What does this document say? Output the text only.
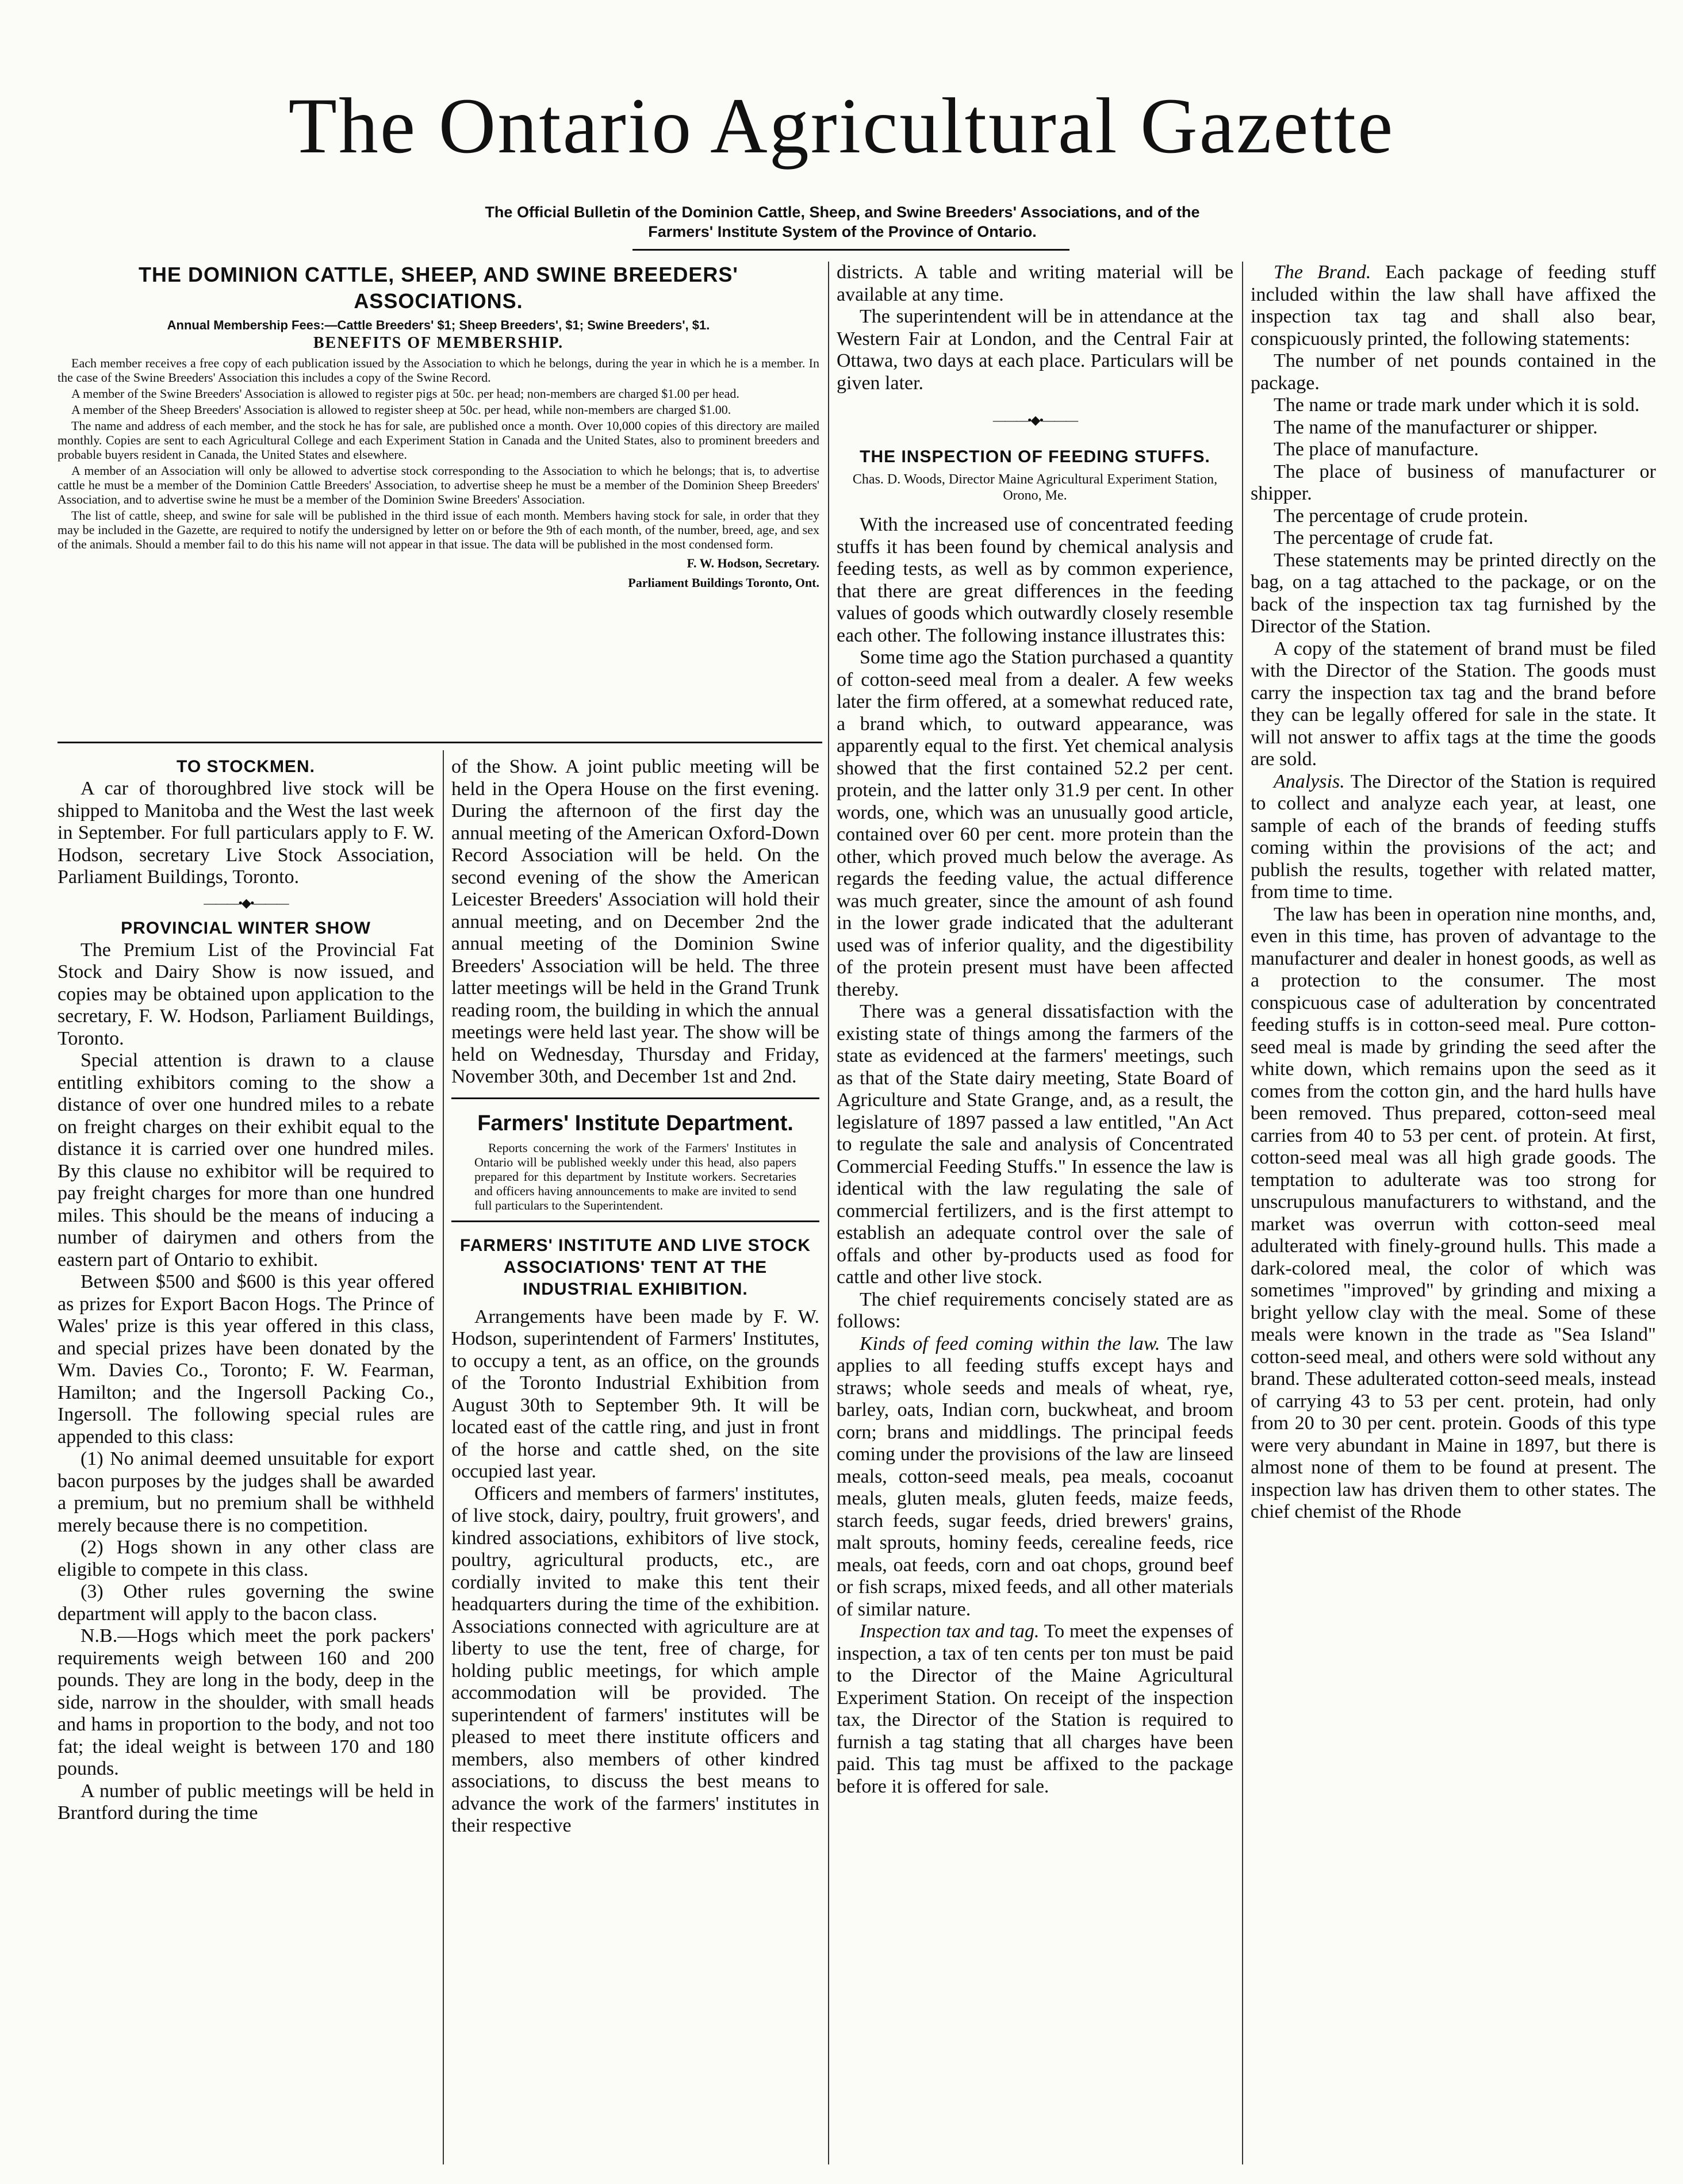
The Ontario Agricultural Gazette
The Official Bulletin of the Dominion Cattle, Sheep, and Swine Breeders' Associations, and of the
Farmers' Institute System of the Province of Ontario.
THE DOMINION CATTLE, SHEEP, AND SWINE BREEDERS' ASSOCIATIONS.
Annual Membership Fees:—Cattle Breeders' $1; Sheep Breeders', $1; Swine Breeders', $1.
BENEFITS OF MEMBERSHIP.

Each member receives a free copy of each publication issued by the Association to which he belongs, during the year in which he is a member. In the case of the Swine Breeders' Association this includes a copy of the Swine Record.

A member of the Swine Breeders' Association is allowed to register pigs at 50c. per head; non-members are charged $1.00 per head.

A member of the Sheep Breeders' Association is allowed to register sheep at 50c. per head, while non-members are charged $1.00.

The name and address of each member, and the stock he has for sale, are published once a month. Over 10,000 copies of this directory are mailed monthly. Copies are sent to each Agricultural College and each Experiment Station in Canada and the United States, also to prominent breeders and probable buyers resident in Canada, the United States and elsewhere.

A member of an Association will only be allowed to advertise stock corresponding to the Association to which he belongs; that is, to advertise cattle he must be a member of the Dominion Cattle Breeders' Association, to advertise sheep he must be a member of the Dominion Sheep Breeders' Association, and to advertise swine he must be a member of the Dominion Swine Breeders' Association.

The list of cattle, sheep, and swine for sale will be published in the third issue of each month. Members having stock for sale, in order that they may be included in the Gazette, are required to notify the undersigned by letter on or before the 9th of each month, of the number, breed, age, and sex of the animals. Should a member fail to do this his name will not appear in that issue. The data will be published in the most condensed form.

F. W. Hodson, Secretary.
Parliament Buildings Toronto, Ont.
TO STOCKMEN.

A car of thoroughbred live stock will be shipped to Manitoba and the West the last week in September. For full particulars apply to F. W. Hodson, secretary Live Stock Association, Parliament Buildings, Toronto.

———•◆•———
PROVINCIAL WINTER SHOW

The Premium List of the Provincial Fat Stock and Dairy Show is now issued, and copies may be obtained upon application to the secretary, F. W. Hodson, Parliament Buildings, Toronto.

Special attention is drawn to a clause entitling exhibitors coming to the show a distance of over one hundred miles to a rebate on freight charges on their exhibit equal to the distance it is carried over one hundred miles. By this clause no exhibitor will be required to pay freight charges for more than one hundred miles. This should be the means of inducing a number of dairymen and others from the eastern part of Ontario to exhibit.

Between $500 and $600 is this year offered as prizes for Export Bacon Hogs. The Prince of Wales' prize is this year offered in this class, and special prizes have been donated by the Wm. Davies Co., Toronto; F. W. Fearman, Hamilton; and the Ingersoll Packing Co., Ingersoll. The following special rules are appended to this class:

(1) No animal deemed unsuitable for export bacon purposes by the judges shall be awarded a premium, but no premium shall be withheld merely because there is no competition.

(2) Hogs shown in any other class are eligible to compete in this class.

(3) Other rules governing the swine department will apply to the bacon class.

N.B.—Hogs which meet the pork packers' requirements weigh between 160 and 200 pounds. They are long in the body, deep in the side, narrow in the shoulder, with small heads and hams in proportion to the body, and not too fat; the ideal weight is between 170 and 180 pounds.

A number of public meetings will be held in Brantford during the time

of the Show. A joint public meeting will be held in the Opera House on the first evening. During the afternoon of the first day the annual meeting of the American Oxford-Down Record Association will be held. On the second evening of the show the American Leicester Breeders' Association will hold their annual meeting, and on December 2nd the annual meeting of the Dominion Swine Breeders' Association will be held. The three latter meetings will be held in the Grand Trunk reading room, the building in which the annual meetings were held last year. The show will be held on Wednesday, Thursday and Friday, November 30th, and December 1st and 2nd.

Farmers' Institute Department.

Reports concerning the work of the Farmers' Institutes in Ontario will be published weekly under this head, also papers prepared for this department by Institute workers. Secretaries and officers having announcements to make are invited to send full particulars to the Superintendent.

FARMERS' INSTITUTE AND LIVE STOCK ASSOCIATIONS' TENT AT THE INDUSTRIAL EXHIBITION.

Arrangements have been made by F. W. Hodson, superintendent of Farmers' Institutes, to occupy a tent, as an office, on the grounds of the Toronto Industrial Exhibition from August 30th to September 9th. It will be located east of the cattle ring, and just in front of the horse and cattle shed, on the site occupied last year.

Officers and members of farmers' institutes, of live stock, dairy, poultry, fruit growers', and kindred associations, exhibitors of live stock, poultry, agricultural products, etc., are cordially invited to make this tent their headquarters during the time of the exhibition. Associations connected with agriculture are at liberty to use the tent, free of charge, for holding public meetings, for which ample accommodation will be provided. The superintendent of farmers' institutes will be pleased to meet there institute officers and members, also members of other kindred associations, to discuss the best means to advance the work of the farmers' institutes in their respective

districts. A table and writing material will be available at any time.

The superintendent will be in attendance at the Western Fair at London, and the Central Fair at Ottawa, two days at each place. Particulars will be given later.

———•◆•———
THE INSPECTION OF FEEDING STUFFS.
Chas. D. Woods, Director Maine Agricultural Experiment Station, Orono, Me.

With the increased use of concentrated feeding stuffs it has been found by chemical analysis and feeding tests, as well as by common experience, that there are great differences in the feeding values of goods which outwardly closely resemble each other. The following instance illustrates this:

Some time ago the Station purchased a quantity of cotton-seed meal from a dealer. A few weeks later the firm offered, at a somewhat reduced rate, a brand which, to outward appearance, was apparently equal to the first. Yet chemical analysis showed that the first contained 52.2 per cent. protein, and the latter only 31.9 per cent. In other words, one, which was an unusually good article, contained over 60 per cent. more protein than the other, which proved much below the average. As regards the feeding value, the actual difference was much greater, since the amount of ash found in the lower grade indicated that the adulterant used was of inferior quality, and the digestibility of the protein present must have been affected thereby.

There was a general dissatisfaction with the existing state of things among the farmers of the state as evidenced at the farmers' meetings, such as that of the State dairy meeting, State Board of Agriculture and State Grange, and, as a result, the legislature of 1897 passed a law entitled, "An Act to regulate the sale and analysis of Concentrated Commercial Feeding Stuffs." In essence the law is identical with the law regulating the sale of commercial fertilizers, and is the first attempt to establish an adequate control over the sale of offals and other by-products used as food for cattle and other live stock.

The chief requirements concisely stated are as follows:

Kinds of feed coming within the law. The law applies to all feeding stuffs except hays and straws; whole seeds and meals of wheat, rye, barley, oats, Indian corn, buckwheat, and broom corn; brans and middlings. The principal feeds coming under the provisions of the law are linseed meals, cotton-seed meals, pea meals, cocoanut meals, gluten meals, gluten feeds, maize feeds, starch feeds, sugar feeds, dried brewers' grains, malt sprouts, hominy feeds, cerealine feeds, rice meals, oat feeds, corn and oat chops, ground beef or fish scraps, mixed feeds, and all other materials of similar nature.

Inspection tax and tag. To meet the expenses of inspection, a tax of ten cents per ton must be paid to the Director of the Maine Agricultural Experiment Station. On receipt of the inspection tax, the Director of the Station is required to furnish a tag stating that all charges have been paid. This tag must be affixed to the package before it is offered for sale.

The Brand. Each package of feeding stuff included within the law shall have affixed the inspection tax tag and shall also bear, conspicuously printed, the following statements:

The number of net pounds contained in the package.

The name or trade mark under which it is sold.

The name of the manufacturer or shipper.

The place of manufacture.

The place of business of manufacturer or shipper.

The percentage of crude protein.

The percentage of crude fat.

These statements may be printed directly on the bag, on a tag attached to the package, or on the back of the inspection tax tag furnished by the Director of the Station.

A copy of the statement of brand must be filed with the Director of the Station. The goods must carry the inspection tax tag and the brand before they can be legally offered for sale in the state. It will not answer to affix tags at the time the goods are sold.

Analysis. The Director of the Station is required to collect and analyze each year, at least, one sample of each of the brands of feeding stuffs coming within the provisions of the act; and publish the results, together with related matter, from time to time.

The law has been in operation nine months, and, even in this time, has proven of advantage to the manufacturer and dealer in honest goods, as well as a protection to the consumer. The most conspicuous case of adulteration by concentrated feeding stuffs is in cotton-seed meal. Pure cotton-seed meal is made by grinding the seed after the white down, which remains upon the seed as it comes from the cotton gin, and the hard hulls have been removed. Thus prepared, cotton-seed meal carries from 40 to 53 per cent. of protein. At first, cotton-seed meal was all high grade goods. The temptation to adulterate was too strong for unscrupulous manufacturers to withstand, and the market was overrun with cotton-seed meal adulterated with finely-ground hulls. This made a dark-colored meal, the color of which was sometimes "improved" by grinding and mixing a bright yellow clay with the meal. Some of these meals were known in the trade as "Sea Island" cotton-seed meal, and others were sold without any brand. These adulterated cotton-seed meals, instead of carrying 43 to 53 per cent. protein, had only from 20 to 30 per cent. protein. Goods of this type were very abundant in Maine in 1897, but there is almost none of them to be found at present. The inspection law has driven them to other states. The chief chemist of the Rhode
